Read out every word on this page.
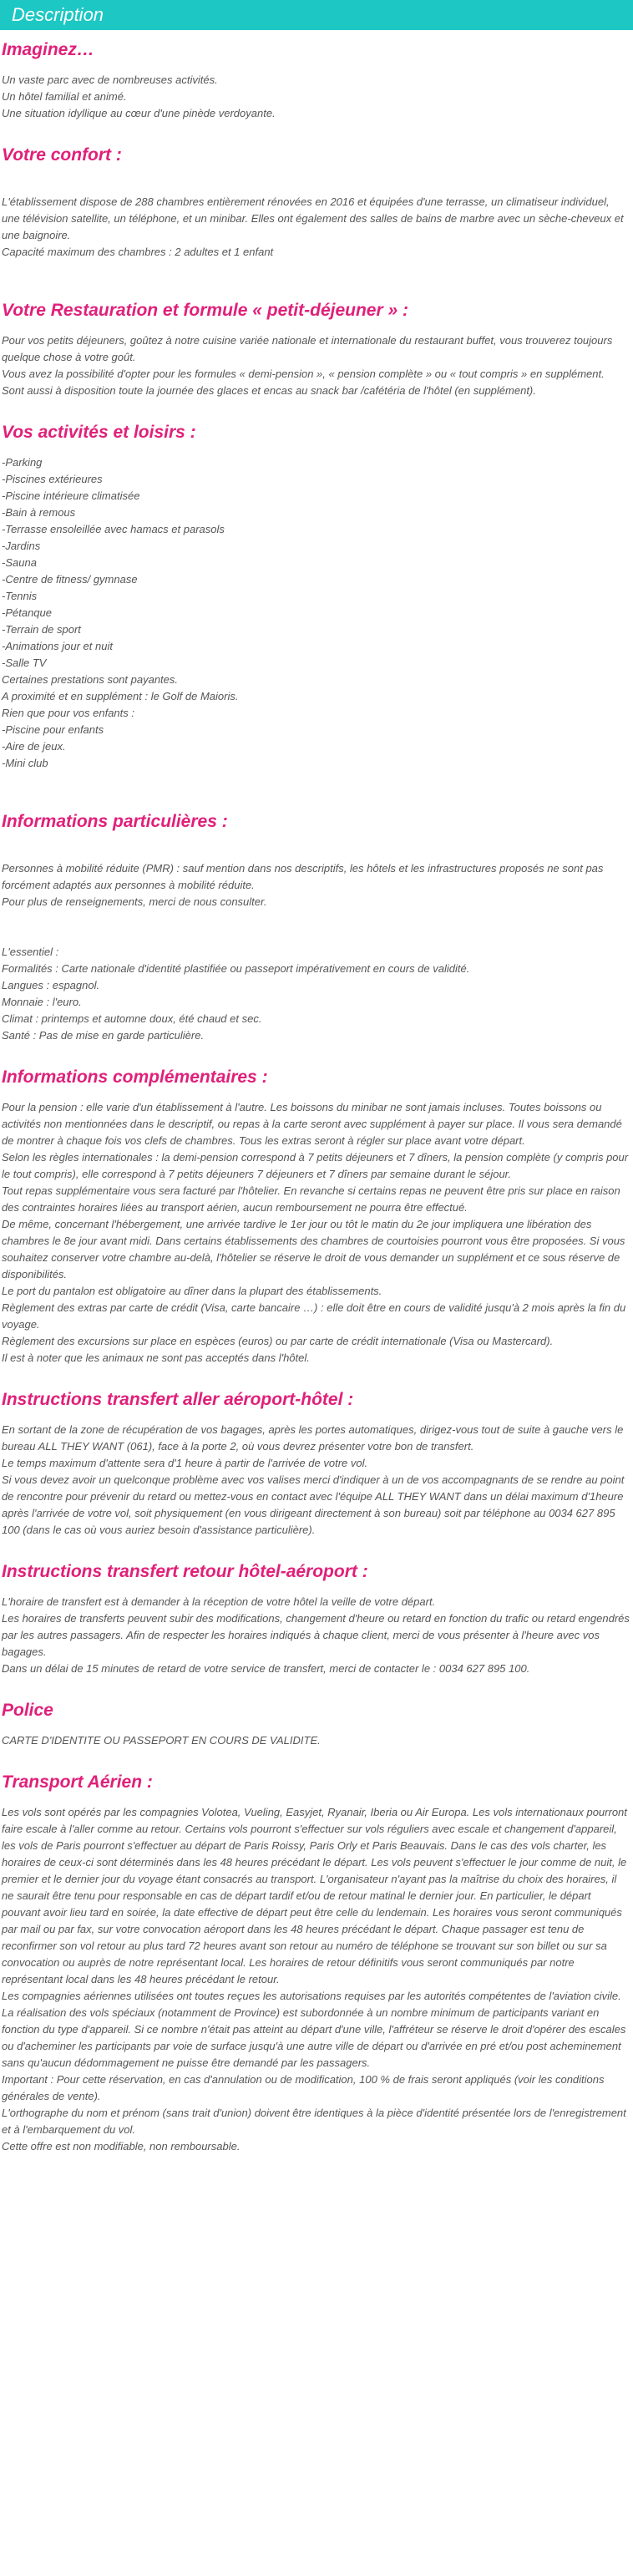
Description
Imaginez…

Un vaste parc avec de nombreuses activités.

Un hôtel familial et animé.

Une situation idyllique au cœur d'une pinède verdoyante.

Votre confort :

L'établissement dispose de 288 chambres entièrement rénovées en 2016 et équipées d'une terrasse, un climatiseur individuel, une télévision satellite, un téléphone, et un minibar. Elles ont également des salles de bains de marbre avec un sèche-cheveux et une baignoire.

Capacité maximum des chambres : 2 adultes et 1 enfant

Votre Restauration et formule « petit-déjeuner » :

Pour vos petits déjeuners, goûtez à notre cuisine variée nationale et internationale du restaurant buffet, vous trouverez toujours quelque chose à votre goût.

Vous avez la possibilité d'opter pour les formules « demi-pension », « pension complète » ou « tout compris » en supplément.

Sont aussi à disposition toute la journée des glaces et encas au snack bar /cafétéria de l'hôtel (en supplément).

Vos activités et loisirs :

-Parking

-Piscines extérieures

-Piscine intérieure climatisée

-Bain à remous

-Terrasse ensoleillée avec hamacs et parasols

-Jardins

-Sauna

-Centre de fitness/ gymnase

-Tennis

-Pétanque

-Terrain de sport

-Animations jour et nuit

-Salle TV

Certaines prestations sont payantes.

A proximité et en supplément : le Golf de Maioris.

Rien que pour vos enfants :

-Piscine pour enfants

-Aire de jeux.

-Mini club

Informations particulières :

Personnes à mobilité réduite (PMR) : sauf mention dans nos descriptifs, les hôtels et les infrastructures proposés ne sont pas forcément adaptés aux personnes à mobilité réduite.

Pour plus de renseignements, merci de nous consulter.

L'essentiel :

Formalités : Carte nationale d'identité plastifiée ou passeport impérativement en cours de validité.

Langues : espagnol.

Monnaie : l'euro.

Climat : printemps et automne doux, été chaud et sec.

Santé : Pas de mise en garde particulière.

Informations complémentaires :

Pour la pension : elle varie d'un établissement à l'autre. Les boissons du minibar ne sont jamais incluses. Toutes boissons ou activités non mentionnées dans le descriptif, ou repas à la carte seront avec supplément à payer sur place. Il vous sera demandé de montrer à chaque fois vos clefs de chambres. Tous les extras seront à régler sur place avant votre départ.

Selon les règles internationales : la demi-pension correspond à 7 petits déjeuners et 7 dîners, la pension complète (y compris pour le tout compris), elle correspond à 7 petits déjeuners 7 déjeuners et 7 dîners par semaine durant le séjour.

Tout repas supplémentaire vous sera facturé par l'hôtelier. En revanche si certains repas ne peuvent être pris sur place en raison des contraintes horaires liées au transport aérien, aucun remboursement ne pourra être effectué.

De même, concernant l'hébergement, une arrivée tardive le 1er jour ou tôt le matin du 2e jour impliquera une libération des chambres le 8e jour avant midi. Dans certains établissements des chambres de courtoisies pourront vous être proposées. Si vous souhaitez conserver votre chambre au-delà, l'hôtelier se réserve le droit de vous demander un supplément et ce sous réserve de disponibilités.

Le port du pantalon est obligatoire au dîner dans la plupart des établissements.

Règlement des extras par carte de crédit (Visa, carte bancaire …) : elle doit être en cours de validité jusqu'à 2 mois après la fin du voyage.

Règlement des excursions sur place en espèces (euros) ou par carte de crédit internationale (Visa ou Mastercard).

Il est à noter que les animaux ne sont pas acceptés dans l'hôtel.

Instructions transfert aller aéroport-hôtel :

En sortant de la zone de récupération de vos bagages, après les portes automatiques, dirigez-vous tout de suite à gauche vers le bureau ALL THEY WANT (061), face à la porte 2, où vous devrez présenter votre bon de transfert.

Le temps maximum d'attente sera d'1 heure à partir de l'arrivée de votre vol.

Si vous devez avoir un quelconque problème avec vos valises merci d'indiquer à un de vos accompagnants de se rendre au point de rencontre pour prévenir du retard ou mettez-vous en contact avec l'équipe ALL THEY WANT dans un délai maximum d'1heure après l'arrivée de votre vol, soit physiquement (en vous dirigeant directement à son bureau) soit par téléphone au 0034 627 895 100 (dans le cas où vous auriez besoin d'assistance particulière).

Instructions transfert retour hôtel-aéroport :

L'horaire de transfert est à demander à la réception de votre hôtel la veille de votre départ.

Les horaires de transferts peuvent subir des modifications, changement d'heure ou retard en fonction du trafic ou retard engendrés par les autres passagers. Afin de respecter les horaires indiqués à chaque client, merci de vous présenter à l'heure avec vos bagages.

Dans un délai de 15 minutes de retard de votre service de transfert, merci de contacter le : 0034 627 895 100.

Police

CARTE D'IDENTITE OU PASSEPORT EN COURS DE VALIDITE.

Transport Aérien :

Les vols sont opérés par les compagnies Volotea, Vueling, Easyjet, Ryanair, Iberia ou Air Europa. Les vols internationaux pourront faire escale à l'aller comme au retour. Certains vols pourront s'effectuer sur vols réguliers avec escale et changement d'appareil, les vols de Paris pourront s'effectuer au départ de Paris Roissy, Paris Orly et Paris Beauvais. Dans le cas des vols charter, les horaires de ceux-ci sont déterminés dans les 48 heures précédant le départ. Les vols peuvent s'effectuer le jour comme de nuit, le premier et le dernier jour du voyage étant consacrés au transport. L'organisateur n'ayant pas la maîtrise du choix des horaires, il ne saurait être tenu pour responsable en cas de départ tardif et/ou de retour matinal le dernier jour. En particulier, le départ pouvant avoir lieu tard en soirée, la date effective de départ peut être celle du lendemain. Les horaires vous seront communiqués par mail ou par fax, sur votre convocation aéroport dans les 48 heures précédant le départ. Chaque passager est tenu de reconfirmer son vol retour au plus tard 72 heures avant son retour au numéro de téléphone se trouvant sur son billet ou sur sa convocation ou auprès de notre représentant local. Les horaires de retour définitifs vous seront communiqués par notre représentant local dans les 48 heures précédant le retour.

Les compagnies aériennes utilisées ont toutes reçues les autorisations requises par les autorités compétentes de l'aviation civile.

La réalisation des vols spéciaux (notamment de Province) est subordonnée à un nombre minimum de participants variant en fonction du type d'appareil. Si ce nombre n'était pas atteint au départ d'une ville, l'affréteur se réserve le droit d'opérer des escales ou d'acheminer les participants par voie de surface jusqu'à une autre ville de départ ou d'arrivée en pré et/ou post acheminement sans qu'aucun dédommagement ne puisse être demandé par les passagers.

Important : Pour cette réservation, en cas d'annulation ou de modification, 100 % de frais seront appliqués (voir les conditions générales de vente).

L'orthographe du nom et prénom (sans trait d'union) doivent être identiques à la pièce d'identité présentée lors de l'enregistrement  et à l'embarquement du vol.

Cette offre est non modifiable, non remboursable.
